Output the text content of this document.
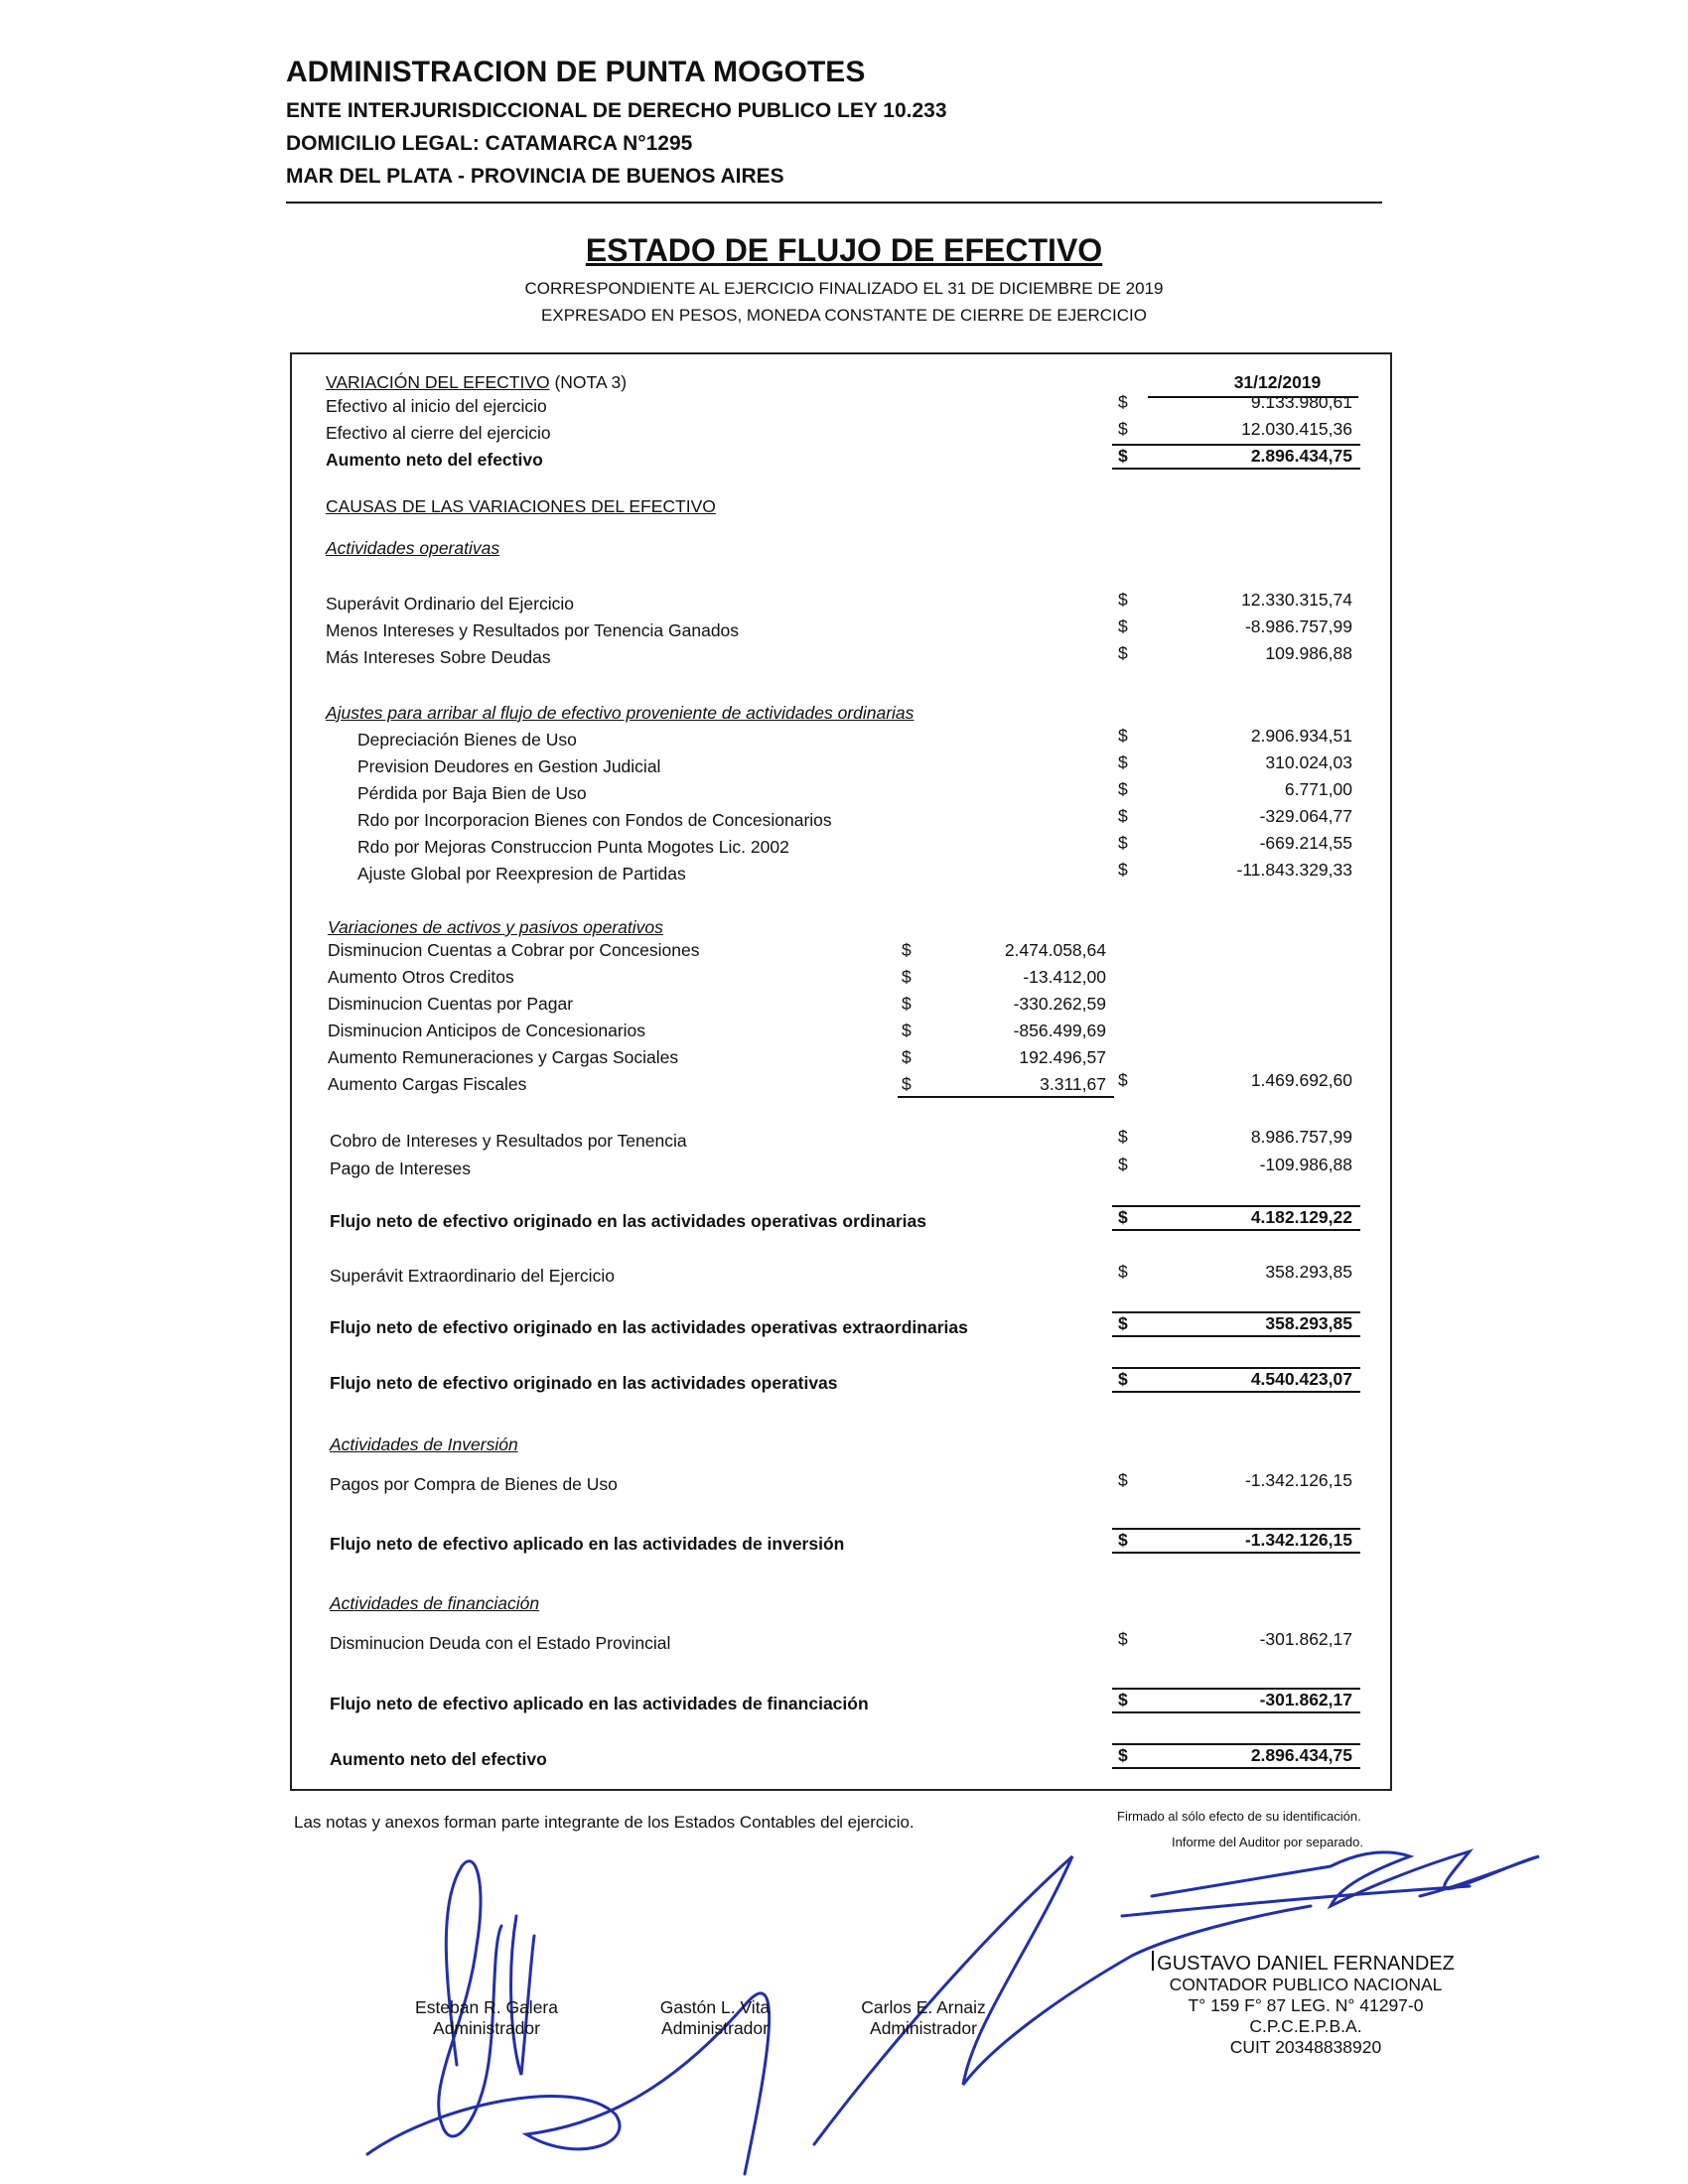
ADMINISTRACION DE PUNTA MOGOTES
ENTE INTERJURISDICCIONAL DE DERECHO PUBLICO LEY 10.233
DOMICILIO LEGAL: CATAMARCA N°1295
MAR DEL PLATA - PROVINCIA DE BUENOS AIRES
ESTADO DE FLUJO DE EFECTIVO
CORRESPONDIENTE AL EJERCICIO FINALIZADO EL 31 DE DICIEMBRE DE 2019
EXPRESADO EN PESOS, MONEDA CONSTANTE DE CIERRE DE EJERCICIO
VARIACIÓN DEL EFECTIVO (NOTA 3)	31/12/2019
Efectivo al inicio del ejercicio	$	9.133.980,61
Efectivo al cierre del ejercicio	$	12.030.415,36
Aumento neto del efectivo	$	2.896.434,75
CAUSAS DE LAS VARIACIONES DEL EFECTIVO
Actividades operativas
Superávit Ordinario del Ejercicio	$	12.330.315,74
Menos Intereses y Resultados por Tenencia Ganados	$	-8.986.757,99
Más Intereses Sobre Deudas	$	109.986,88
Ajustes para arribar al flujo de efectivo proveniente de actividades ordinarias
Depreciación Bienes de Uso	$	2.906.934,51
Prevision Deudores en Gestion Judicial	$	310.024,03
Pérdida por Baja Bien de Uso	$	6.771,00
Rdo por Incorporacion Bienes con Fondos de Concesionarios	$	-329.064,77
Rdo por Mejoras Construccion Punta Mogotes Lic. 2002	$	-669.214,55
Ajuste Global por Reexpresion de Partidas	$	-11.843.329,33
Variaciones de activos y pasivos operativos
Disminucion Cuentas a Cobrar por Concesiones	$	2.474.058,64
Aumento Otros Creditos	$	-13.412,00
Disminucion Cuentas por Pagar	$	-330.262,59
Disminucion Anticipos de Concesionarios	$	-856.499,69
Aumento Remuneraciones y Cargas Sociales	$	192.496,57
Aumento Cargas Fiscales	$	3.311,67 $	1.469.692,60
Cobro de Intereses y Resultados por Tenencia	$	8.986.757,99
Pago de Intereses	$	-109.986,88
Flujo neto de efectivo originado en las actividades operativas ordinarias	$	4.182.129,22
Superávit Extraordinario del Ejercicio	$	358.293,85
Flujo neto de efectivo originado en las actividades operativas extraordinarias	$	358.293,85
Flujo neto de efectivo originado en las actividades operativas	$	4.540.423,07
Actividades de Inversión
Pagos por Compra de Bienes de Uso	$	-1.342.126,15
Flujo neto de efectivo aplicado en las actividades de inversión	$	-1.342.126,15
Actividades de financiación
Disminucion Deuda con el Estado Provincial	$	-301.862,17
Flujo neto de efectivo aplicado en las actividades de financiación	$	-301.862,17
Aumento neto del efectivo	$	2.896.434,75
Las notas y anexos forman parte integrante de los Estados Contables del ejercicio.	Firmado al sólo efecto de su identificación.
Informe del Auditor por separado.
Esteban R. Galera
Administrador
Gastón L. Vita
Administrador
Carlos E. Arnaiz
Administrador
GUSTAVO DANIEL FERNANDEZ
CONTADOR PUBLICO NACIONAL
T° 159 F° 87 LEG. N° 41297-0
C.P.C.E.P.B.A.
CUIT 20348838920
